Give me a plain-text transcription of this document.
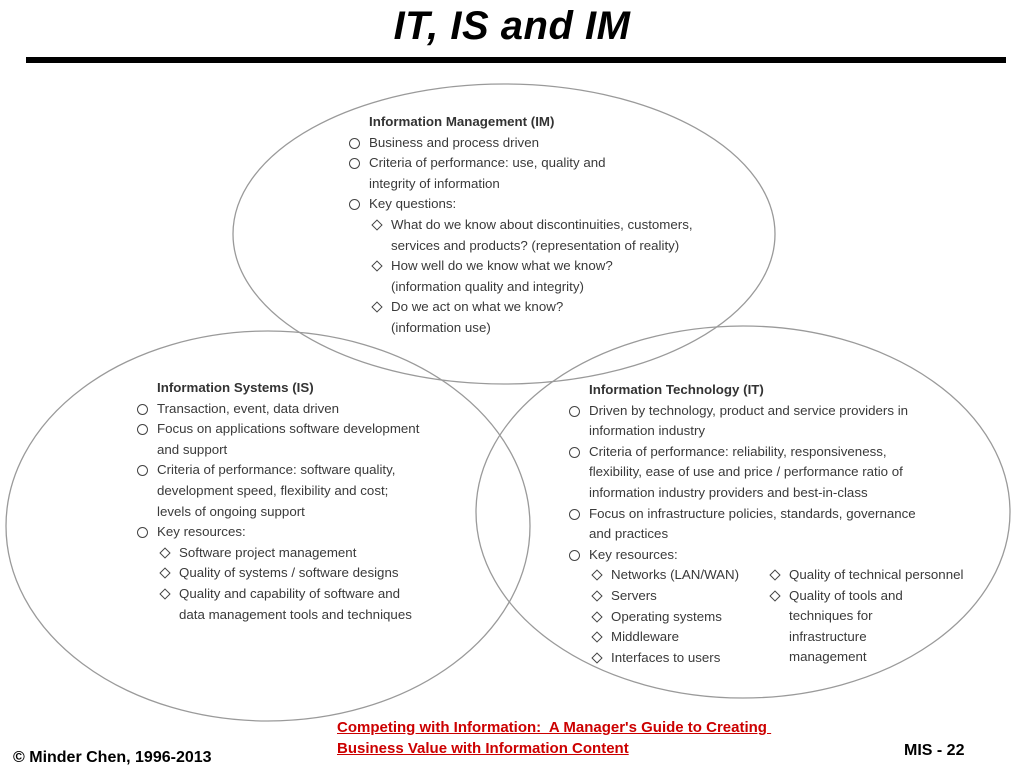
IT, IS and IM
Information Management (IM)
Business and process driven
Criteria of performance: use, quality and
integrity of information
Key questions:
What do we know about discontinuities, customers,
services and products? (representation of reality)
How well do we know what we know?
(information quality and integrity)
Do we act on what we know?
(information use)
Information Systems (IS)
Transaction, event, data driven
Focus on applications software development
and support
Criteria of performance: software quality,
development speed, flexibility and cost;
levels of ongoing support
Key resources:
Software project management
Quality of systems / software designs
Quality and capability of software and
data management tools and techniques
Information Technology (IT)
Driven by technology, product and service providers in
information industry
Criteria of performance: reliability, responsiveness,
flexibility, ease of use and price / performance ratio of
information industry providers and best-in-class
Focus on infrastructure policies, standards, governance
and practices
Key resources:
Networks (LAN/WAN)
Servers
Operating systems
Middleware
Interfaces to users
Quality of technical personnel
Quality of tools and
techniques for
infrastructure
management
Competing with Information:  A Manager's Guide to Creating
Business Value with Information Content
© Minder Chen, 1996-2013	MIS - 22
